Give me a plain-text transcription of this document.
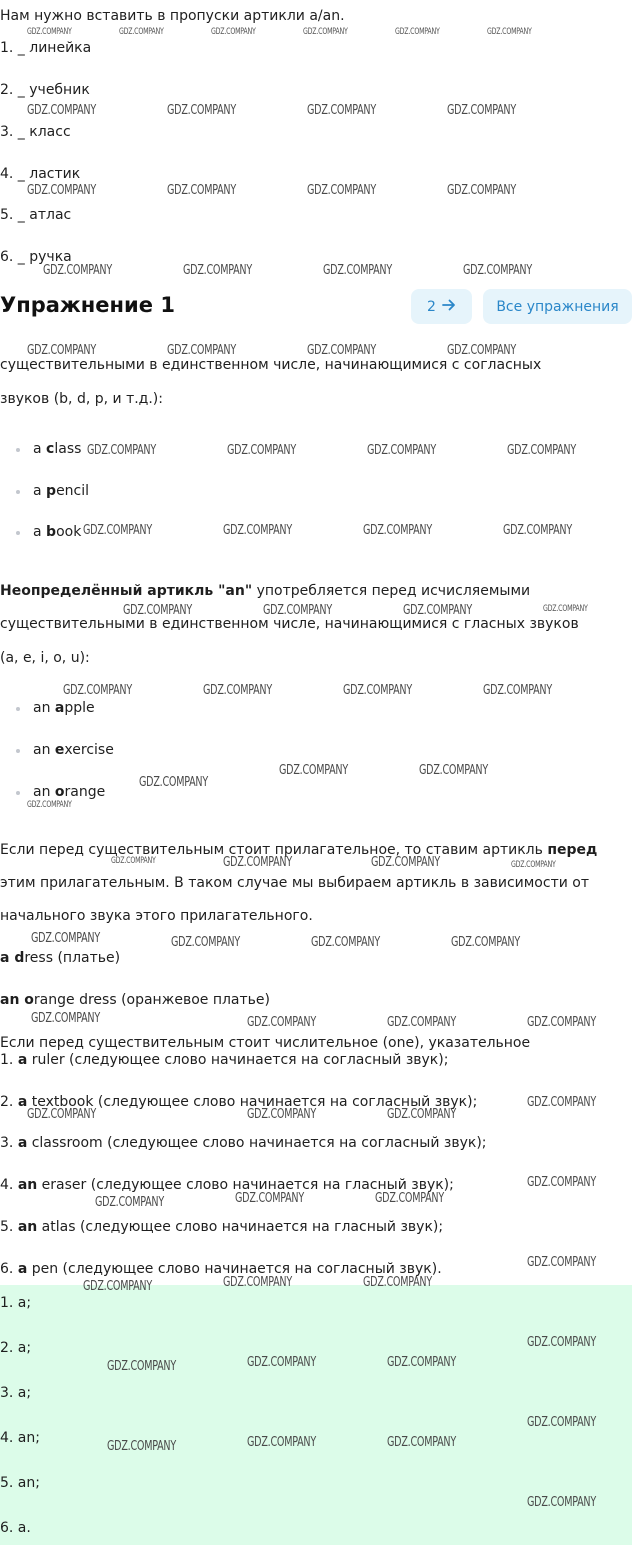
Нам нужно вставить в пропуски артикли a/an.
1. _ линейка
2. _ учебник
3. _ класс
4. _ ластик
5. _ атлас
6. _ ручка
Упражнение 1	2	Все упражнения
существительными в единственном числе, начинающимися с согласных
звуков (b, d, p, и т.д.):
a class
a pencil
a book
Неопределённый артикль "an" употребляется перед исчисляемыми
существительными в единственном числе, начинающимися с гласных звуков
(a, e, i, o, u):
an apple
an exercise
an orange
Если перед существительным стоит прилагательное, то ставим артикль перед
этим прилагательным. В таком случае мы выбираем артикль в зависимости от
начального звука этого прилагательного.
a dress (платье)
an orange dress (оранжевое платье)
Если перед существительным стоит числительное (one), указательное
1. a ruler (следующее слово начинается на согласный звук);
2. a textbook (следующее слово начинается на согласный звук);
3. a classroom (следующее слово начинается на согласный звук);
4. an eraser (следующее слово начинается на гласный звук);
5. an atlas (следующее слово начинается на гласный звук);
6. a pen (следующее слово начинается на согласный звук).
1. a;
2. a;
3. a;
4. an;
5. an;
6. a.
GDZ.COMPANY	GDZ.COMPANY	GDZ.COMPANY	GDZ.COMPANY	GDZ.COMPANY	GDZ.COMPANY
GDZ.COMPANY	GDZ.COMPANY	GDZ.COMPANY	GDZ.COMPANY
GDZ.COMPANY	GDZ.COMPANY	GDZ.COMPANY	GDZ.COMPANY
GDZ.COMPANY	GDZ.COMPANY	GDZ.COMPANY	GDZ.COMPANY
GDZ.COMPANY	GDZ.COMPANY	GDZ.COMPANY	GDZ.COMPANY
GDZ.COMPANY	GDZ.COMPANY	GDZ.COMPANY	GDZ.COMPANY
GDZ.COMPANY	GDZ.COMPANY	GDZ.COMPANY	GDZ.COMPANY
GDZ.COMPANY	GDZ.COMPANY	GDZ.COMPANY	GDZ.COMPANY
GDZ.COMPANY	GDZ.COMPANY	GDZ.COMPANY	GDZ.COMPANY
GDZ.COMPANY	GDZ.COMPANY
GDZ.COMPANY
GDZ.COMPANY
GDZ.COMPANY	GDZ.COMPANY	GDZ.COMPANY	GDZ.COMPANY
GDZ.COMPANY	GDZ.COMPANY	GDZ.COMPANY	GDZ.COMPANY
GDZ.COMPANY	GDZ.COMPANY	GDZ.COMPANY	GDZ.COMPANY
GDZ.COMPANY
GDZ.COMPANY	GDZ.COMPANY	GDZ.COMPANY
GDZ.COMPANY
GDZ.COMPANY	GDZ.COMPANY
GDZ.COMPANY
GDZ.COMPANY
GDZ.COMPANY	GDZ.COMPANY
GDZ.COMPANY
GDZ.COMPANY
GDZ.COMPANY	GDZ.COMPANY
GDZ.COMPANY
GDZ.COMPANY
GDZ.COMPANY	GDZ.COMPANY
GDZ.COMPANY
GDZ.COMPANY
